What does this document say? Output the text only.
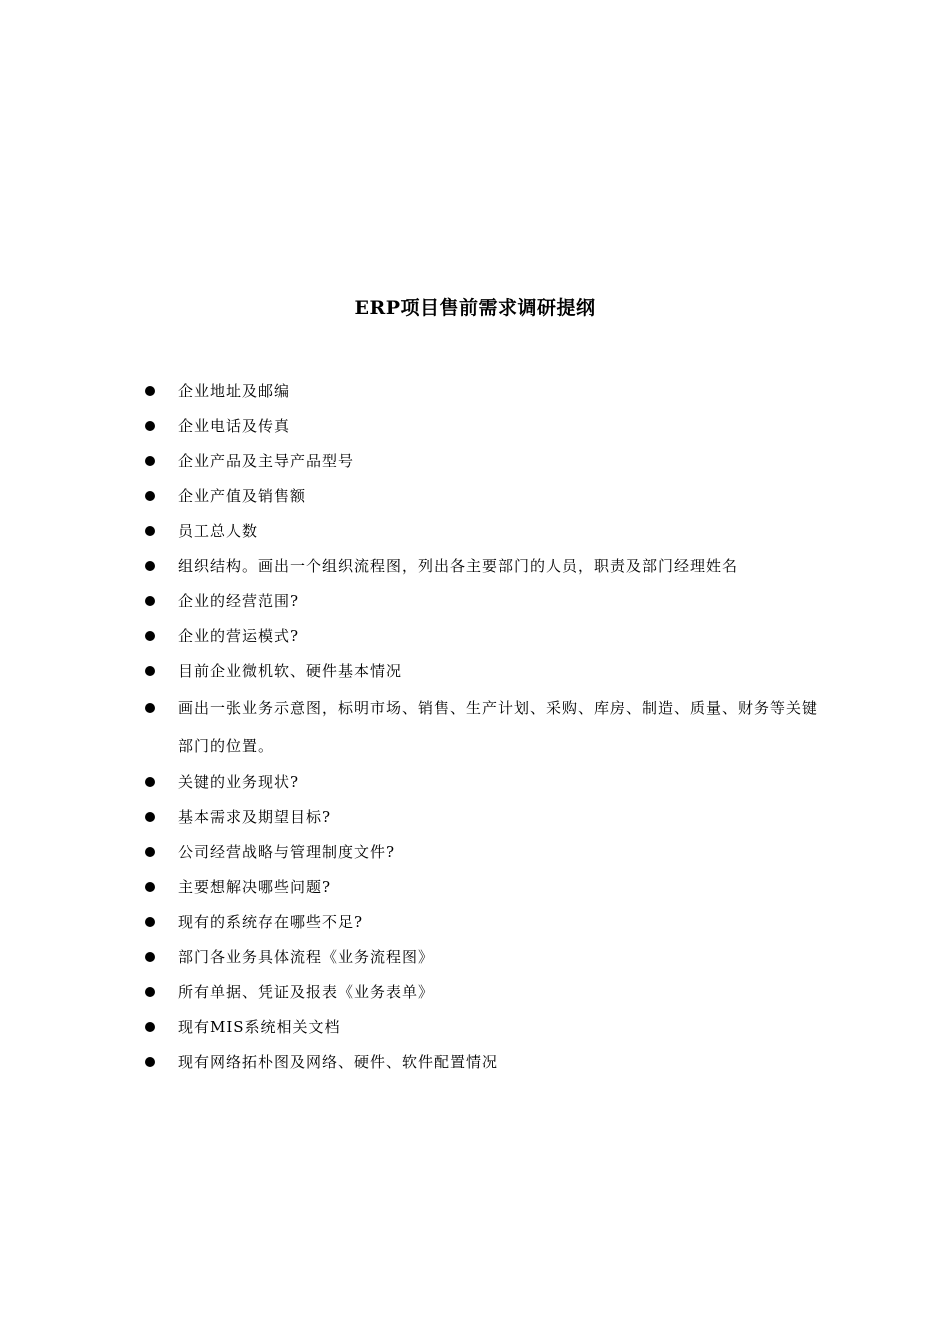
ERP项目售前需求调研提纲
企业地址及邮编
企业电话及传真
企业产品及主导产品型号
企业产值及销售额
员工总人数
组织结构。画出一个组织流程图，列出各主要部门的人员，职责及部门经理姓名
企业的经营范围?
企业的营运模式?
目前企业微机软、硬件基本情况
画出一张业务示意图，标明市场、销售、生产计划、采购、库房、制造、质量、财务等关键部门的位置。
关键的业务现状?
基本需求及期望目标?
公司经营战略与管理制度文件?
主要想解决哪些问题?
现有的系统存在哪些不足?
部门各业务具体流程《业务流程图》
所有单据、凭证及报表《业务表单》
现有MIS系统相关文档
现有网络拓朴图及网络、硬件、软件配置情况
